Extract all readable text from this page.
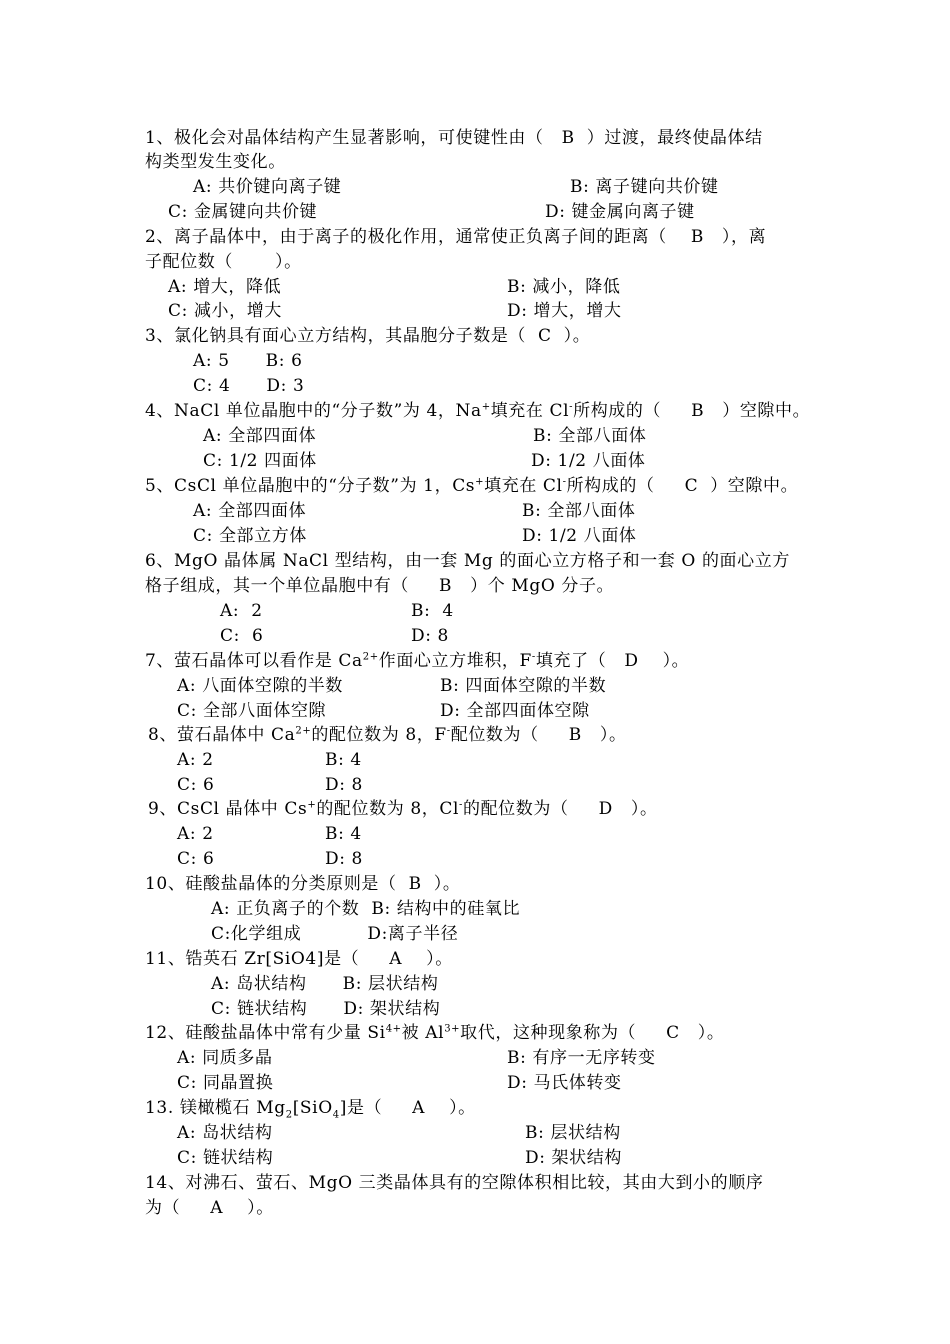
1、极化会对晶体结构产生显著影响，可使键性由（   B  ）过渡，最终使晶体结
构类型发生变化。
A: 共价键向离子键	B: 离子键向共价键
C: 金属键向共价键	D: 键金属向离子键
2、离子晶体中，由于离子的极化作用，通常使正负离子间的距离（    B   ），离
子配位数（       ）。
A: 增大，降低	B: 减小，降低
C: 减小，增大	D: 增大，增大
3、氯化钠具有面心立方结构，其晶胞分子数是（  C  ）。
A: 5      B: 6
C: 4      D: 3
4、NaCl 单位晶胞中的“分子数”为 4，Na+填充在 Cl-所构成的（     B   ）空隙中。
A: 全部四面体	B: 全部八面体
C: 1/2 四面体	D: 1/2 八面体
5、CsCl 单位晶胞中的“分子数”为 1，Cs+填充在 Cl-所构成的（     C  ）空隙中。
A: 全部四面体	B: 全部八面体
C: 全部立方体	D: 1/2 八面体
6、MgO 晶体属 NaCl 型结构，由一套 Mg 的面心立方格子和一套 O 的面心立方
格子组成，其一个单位晶胞中有（     B   ）个 MgO 分子。
A:  2	B:  4
C:  6	D: 8
7、萤石晶体可以看作是 $Ca^{2+}$作面心立方堆积，F-填充了（   D    ）。
A: 八面体空隙的半数	B: 四面体空隙的半数
C: 全部八面体空隙	D: 全部四面体空隙
8、萤石晶体中 $Ca^{2+}$的配位数为 8，F-配位数为（     B   ）。
A: 2	B: 4
C: 6	D: 8
9、CsCl 晶体中 Cs+的配位数为 8，Cl-的配位数为（     D   ）。
A: 2	B: 4
C: 6	D: 8
10、硅酸盐晶体的分类原则是（  B  ）。
A: 正负离子的个数  B: 结构中的硅氧比
C:化学组成           D:离子半径
11、锆英石 Zr[SiO4]是（     A    ）。
A: 岛状结构      B: 层状结构
C: 链状结构      D: 架状结构
12、硅酸盐晶体中常有少量 $Si^{4+}$被 $Al^{3+}$取代，这种现象称为（     C   ）。
A: 同质多晶	B: 有序一无序转变
C: 同晶置换	D: 马氏体转变
13. 镁橄榄石 $Mg_2[SiO_4]$是（     A    ）。
A: 岛状结构	B: 层状结构
C: 链状结构	D: 架状结构
14、对沸石、萤石、MgO 三类晶体具有的空隙体积相比较，其由大到小的顺序
为（     A    ）。
